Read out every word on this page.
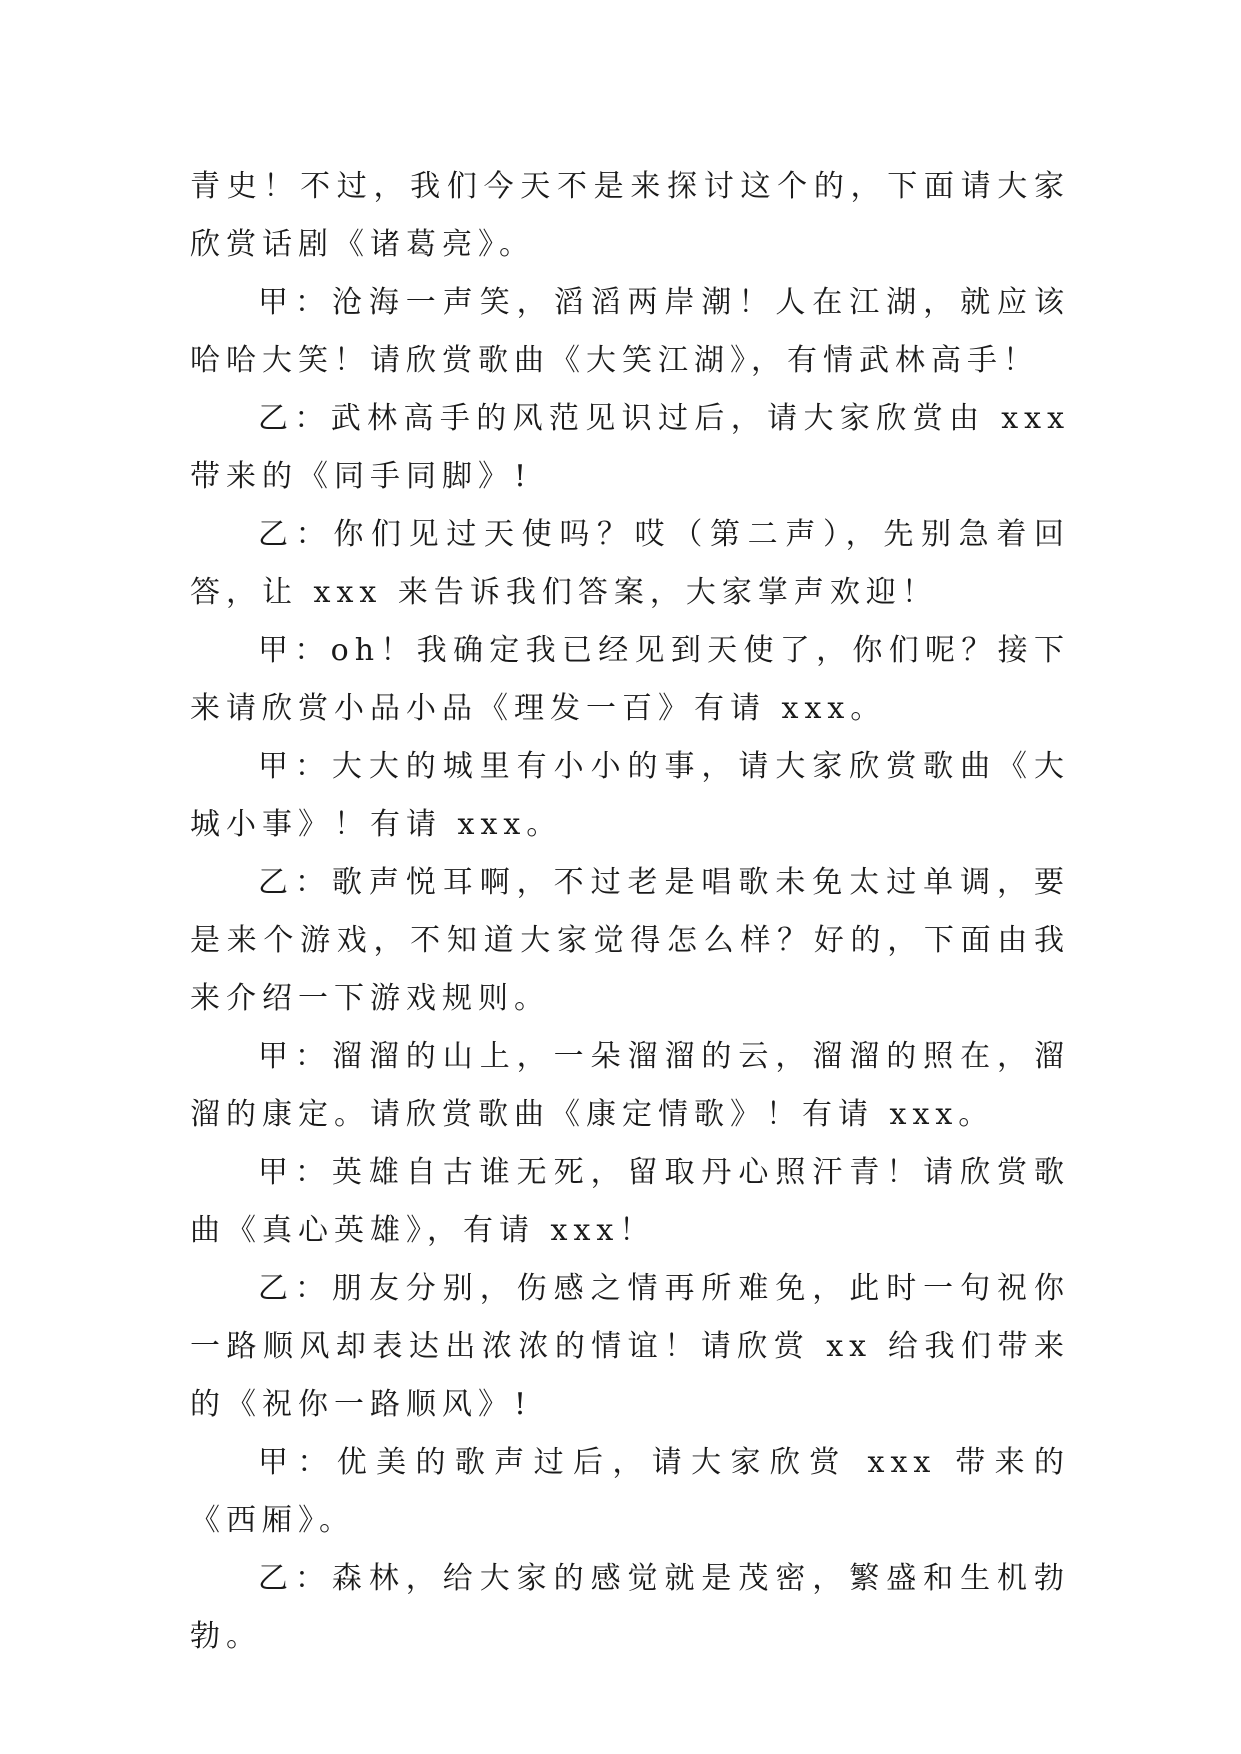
青史！不过，我们今天不是来探讨这个的，下面请大家欣赏话剧《诸葛亮》。

甲：沧海一声笑，滔滔两岸潮！人在江湖，就应该哈哈大笑！请欣赏歌曲《大笑江湖》，有情武林高手！

乙：武林高手的风范见识过后，请大家欣赏由 xxx 带来的《同手同脚》!

乙：你们见过天使吗？哎（第二声），先别急着回答，让 xxx 来告诉我们答案，大家掌声欢迎！

甲：oh！我确定我已经见到天使了，你们呢？接下来请欣赏小品小品《理发一百》有请 xxx。

甲：大大的城里有小小的事，请大家欣赏歌曲《大城小事》！有请 xxx。

乙：歌声悦耳啊，不过老是唱歌未免太过单调，要是来个游戏，不知道大家觉得怎么样？好的，下面由我来介绍一下游戏规则。

甲：溜溜的山上，一朵溜溜的云，溜溜的照在，溜溜的康定。请欣赏歌曲《康定情歌》！有请 xxx。

甲：英雄自古谁无死，留取丹心照汗青！请欣赏歌曲《真心英雄》，有请 xxx！

乙：朋友分别，伤感之情再所难免，此时一句祝你一路顺风却表达出浓浓的情谊！请欣赏 xx 给我们带来的《祝你一路顺风》!

甲：优美的歌声过后，请大家欣赏 xxx 带来的《西厢》。

乙：森林，给大家的感觉就是茂密，繁盛和生机勃勃。
